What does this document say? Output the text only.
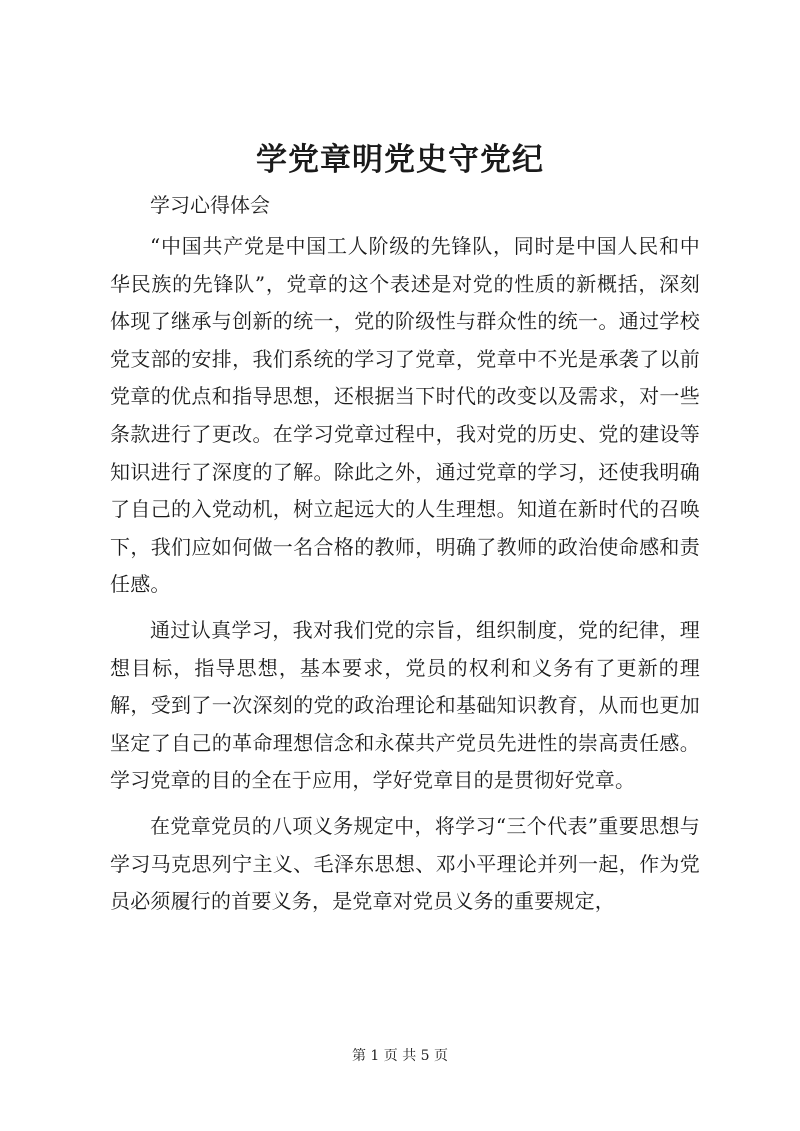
学党章明党史守党纪

学习心得体会

“中国共产党是中国工人阶级的先锋队，同时是中国人民和中华民族的先锋队”，党章的这个表述是对党的性质的新概括，深刻体现了继承与创新的统一，党的阶级性与群众性的统一。通过学校党支部的安排，我们系统的学习了党章，党章中不光是承袭了以前党章的优点和指导思想，还根据当下时代的改变以及需求，对一些条款进行了更改。在学习党章过程中，我对党的历史、党的建设等知识进行了深度的了解。除此之外，通过党章的学习，还使我明确了自己的入党动机，树立起远大的人生理想。知道在新时代的召唤下，我们应如何做一名合格的教师，明确了教师的政治使命感和责任感。

通过认真学习，我对我们党的宗旨，组织制度，党的纪律，理想目标，指导思想，基本要求，党员的权利和义务有了更新的理解，受到了一次深刻的党的政治理论和基础知识教育，从而也更加坚定了自己的革命理想信念和永葆共产党员先进性的崇高责任感。学习党章的目的全在于应用，学好党章目的是贯彻好党章。

在党章党员的八项义务规定中，将学习“三个代表”重要思想与学习马克思列宁主义、毛泽东思想、邓小平理论并列一起，作为党员必须履行的首要义务，是党章对党员义务的重要规定，

第 1 页 共 5 页
